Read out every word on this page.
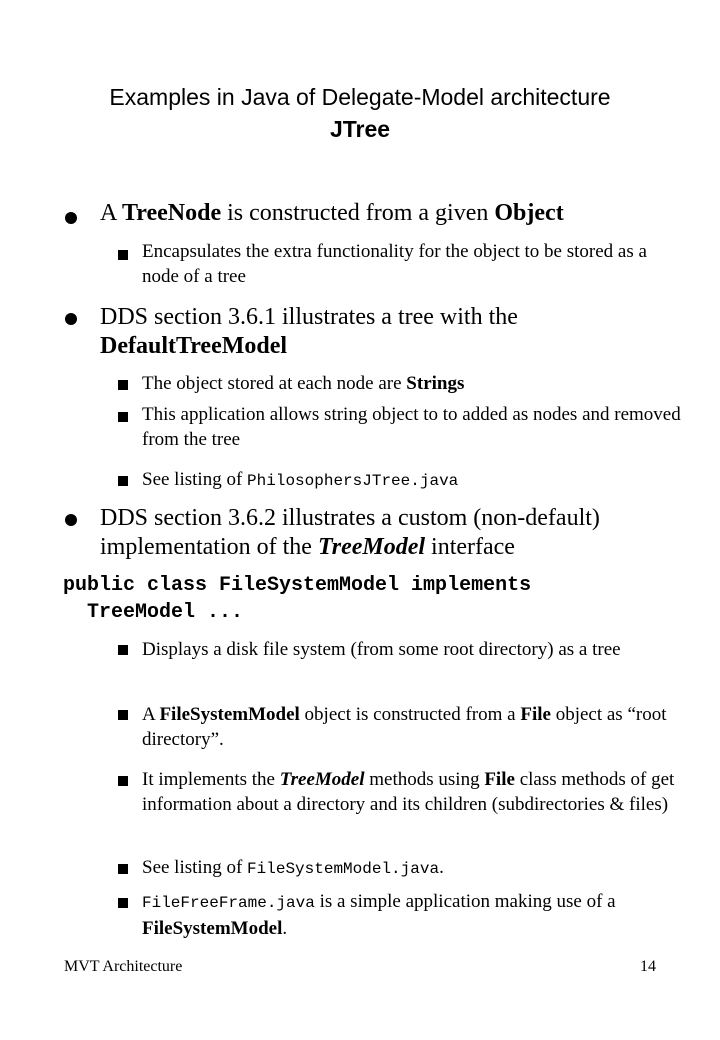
Examples in Java of Delegate-Model architecture
JTree
A TreeNode is constructed from a given Object
Encapsulates the extra functionality for the object to be stored as a node of a tree
DDS section 3.6.1 illustrates a tree with the DefaultTreeModel
The object stored at each node are Strings
This application allows string object to to added as nodes and removed from the tree
See listing of PhilosophersJTree.java
DDS section 3.6.2 illustrates a custom (non-default) implementation of the TreeModel interface
public class FileSystemModel implements
TreeModel ...
Displays a disk file system (from some root directory) as a tree
A FileSystemModel object is constructed from a File object as “root directory”.
It implements the TreeModel methods using File class methods of get information about a directory and its children (subdirectories & files)
See listing of FileSystemModel.java.
FileFreeFrame.java is a simple application making use of a FileSystemModel.
MVT Architecture	14
